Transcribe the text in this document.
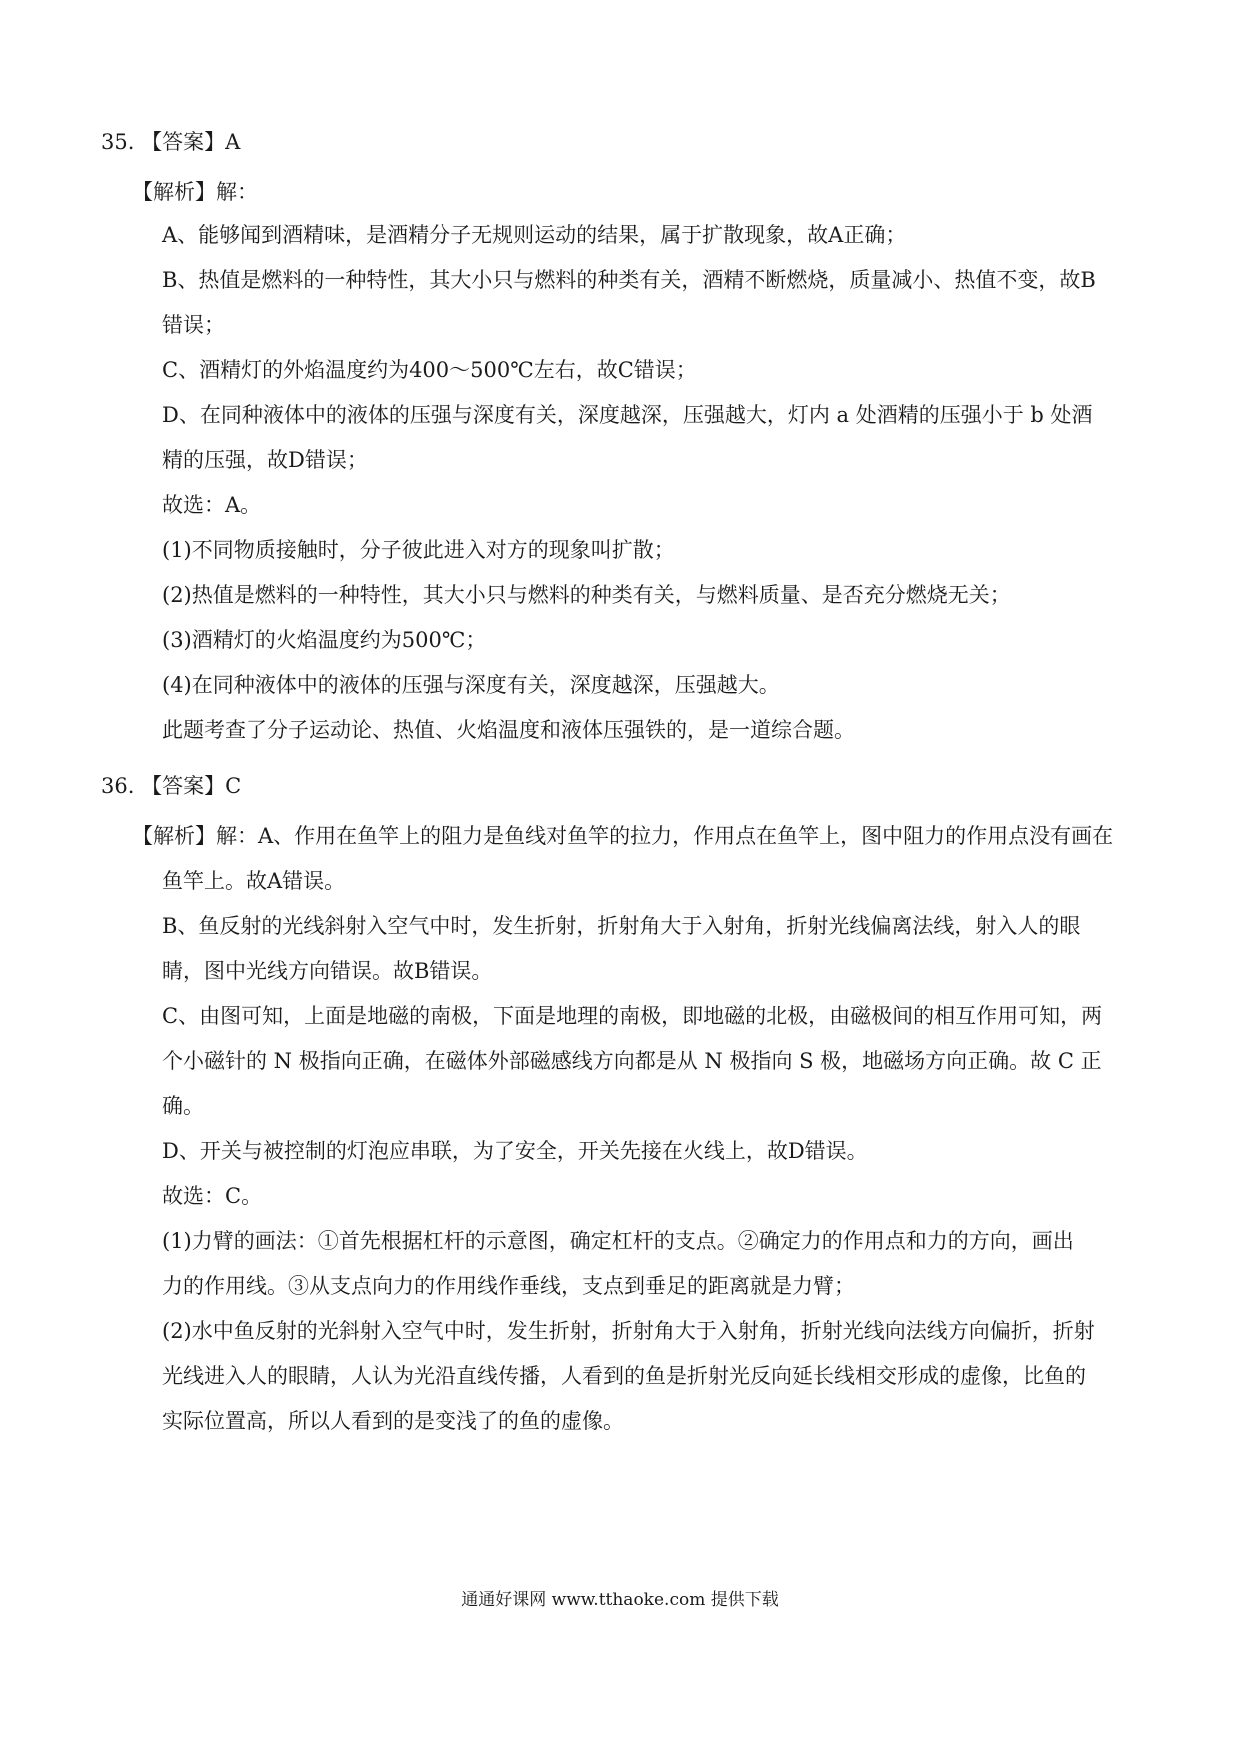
35. 【答案】A
【解析】解：
A、能够闻到酒精味，是酒精分子无规则运动的结果，属于扩散现象，故A正确；
B、热值是燃料的一种特性，其大小只与燃料的种类有关，酒精不断燃烧，质量减小、热值不变，故B
错误；
C、酒精灯的外焰温度约为400～500℃左右，故C错误；
D、在同种液体中的液体的压强与深度有关，深度越深，压强越大，灯内 a 处酒精的压强小于 b 处酒
精的压强，故D错误；
故选：A。
(1)不同物质接触时，分子彼此进入对方的现象叫扩散；
(2)热值是燃料的一种特性，其大小只与燃料的种类有关，与燃料质量、是否充分燃烧无关；
(3)酒精灯的火焰温度约为500℃；
(4)在同种液体中的液体的压强与深度有关，深度越深，压强越大。
此题考查了分子运动论、热值、火焰温度和液体压强铁的，是一道综合题。
36. 【答案】C
【解析】解：A、作用在鱼竿上的阻力是鱼线对鱼竿的拉力，作用点在鱼竿上，图中阻力的作用点没有画在
鱼竿上。故A错误。
B、鱼反射的光线斜射入空气中时，发生折射，折射角大于入射角，折射光线偏离法线，射入人的眼
睛，图中光线方向错误。故B错误。
C、由图可知，上面是地磁的南极，下面是地理的南极，即地磁的北极，由磁极间的相互作用可知，两
个小磁针的 N 极指向正确，在磁体外部磁感线方向都是从 N 极指向 S 极，地磁场方向正确。故 C 正
确。
D、开关与被控制的灯泡应串联，为了安全，开关先接在火线上，故D错误。
故选：C。
(1)力臂的画法：①首先根据杠杆的示意图，确定杠杆的支点。②确定力的作用点和力的方向，画出
力的作用线。③从支点向力的作用线作垂线，支点到垂足的距离就是力臂；
(2)水中鱼反射的光斜射入空气中时，发生折射，折射角大于入射角，折射光线向法线方向偏折，折射
光线进入人的眼睛，人认为光沿直线传播，人看到的鱼是折射光反向延长线相交形成的虚像，比鱼的
实际位置高，所以人看到的是变浅了的鱼的虚像。
通通好课网 www.tthaoke.com 提供下载
